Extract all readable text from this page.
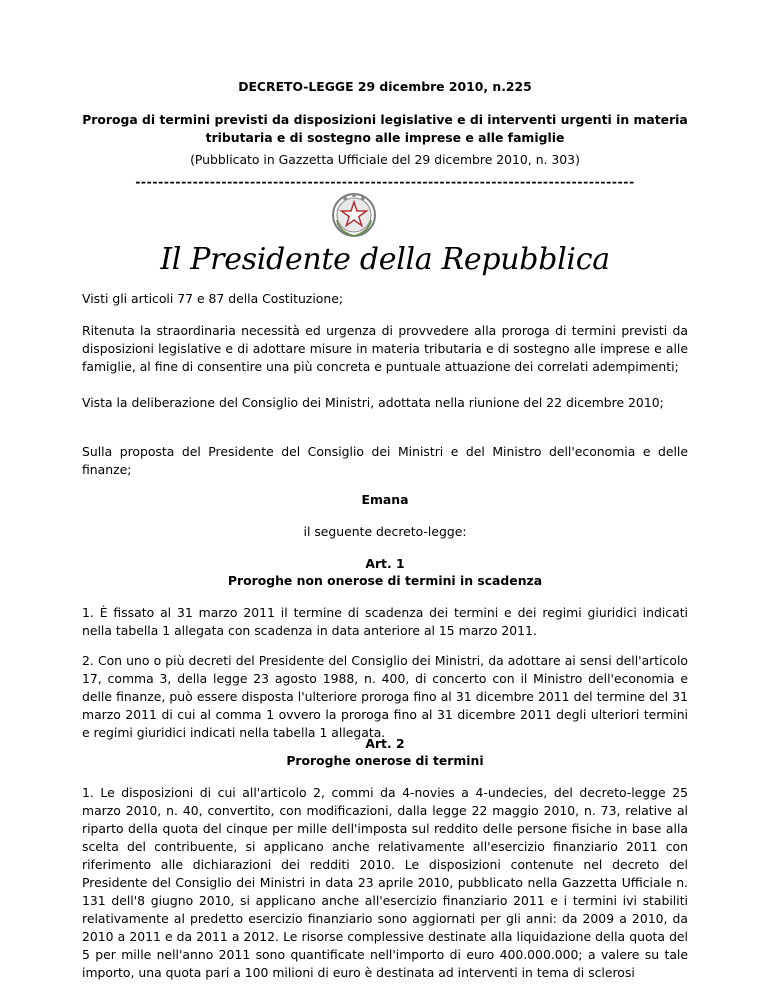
DECRETO-LEGGE 29 dicembre 2010, n.225
Proroga di termini previsti da disposizioni legislative e di interventi urgenti in materia tributaria e di sostegno alle imprese e alle famiglie
(Pubblicato in Gazzetta Ufficiale del 29 dicembre 2010, n. 303)
---------------------------------------------------------------------------------------
Il Presidente della Repubblica
Visti gli articoli 77 e 87 della Costituzione;
Ritenuta la straordinaria necessità ed urgenza di provvedere alla proroga di termini previsti da disposizioni legislative e di adottare misure in materia tributaria e di sostegno alle imprese e alle famiglie, al fine di consentire una più concreta e puntuale attuazione dei correlati adempimenti;
Vista la deliberazione del Consiglio dei Ministri, adottata nella riunione del 22 dicembre 2010;
Sulla proposta del Presidente del Consiglio dei Ministri e del Ministro dell'economia e delle finanze;
Emana
il seguente decreto-legge:
Art. 1
Proroghe non onerose di termini in scadenza
1. È fissato al 31 marzo 2011 il termine di scadenza dei termini e dei regimi giuridici indicati nella tabella 1 allegata con scadenza in data anteriore al 15 marzo 2011.
2. Con uno o più decreti del Presidente del Consiglio dei Ministri, da adottare ai sensi dell'articolo 17, comma 3, della legge 23 agosto 1988, n. 400, di concerto con il Ministro dell'economia e delle finanze, può essere disposta l'ulteriore proroga fino al 31 dicembre 2011 del termine del 31 marzo 2011 di cui al comma 1 ovvero la proroga fino al 31 dicembre 2011 degli ulteriori termini e regimi giuridici indicati nella tabella 1 allegata.
Art. 2
Proroghe onerose di termini
1. Le disposizioni di cui all'articolo 2, commi da 4-novies a 4-undecies, del decreto-legge 25 marzo 2010, n. 40, convertito, con modificazioni, dalla legge 22 maggio 2010, n. 73, relative al riparto della quota del cinque per mille dell'imposta sul reddito delle persone fisiche in base alla scelta del contribuente, si applicano anche relativamente all'esercizio finanziario 2011 con riferimento alle dichiarazioni dei redditi 2010. Le disposizioni contenute nel decreto del Presidente del Consiglio dei Ministri in data 23 aprile 2010, pubblicato nella Gazzetta Ufficiale n. 131 dell'8 giugno 2010, si applicano anche all'esercizio finanziario 2011 e i termini ivi stabiliti relativamente al predetto esercizio finanziario sono aggiornati per gli anni: da 2009 a 2010, da 2010 a 2011 e da 2011 a 2012. Le risorse complessive destinate alla liquidazione della quota del 5 per mille nell'anno 2011 sono quantificate nell'importo di euro 400.000.000; a valere su tale importo, una quota pari a 100 milioni di euro è destinata ad interventi in tema di sclerosi
